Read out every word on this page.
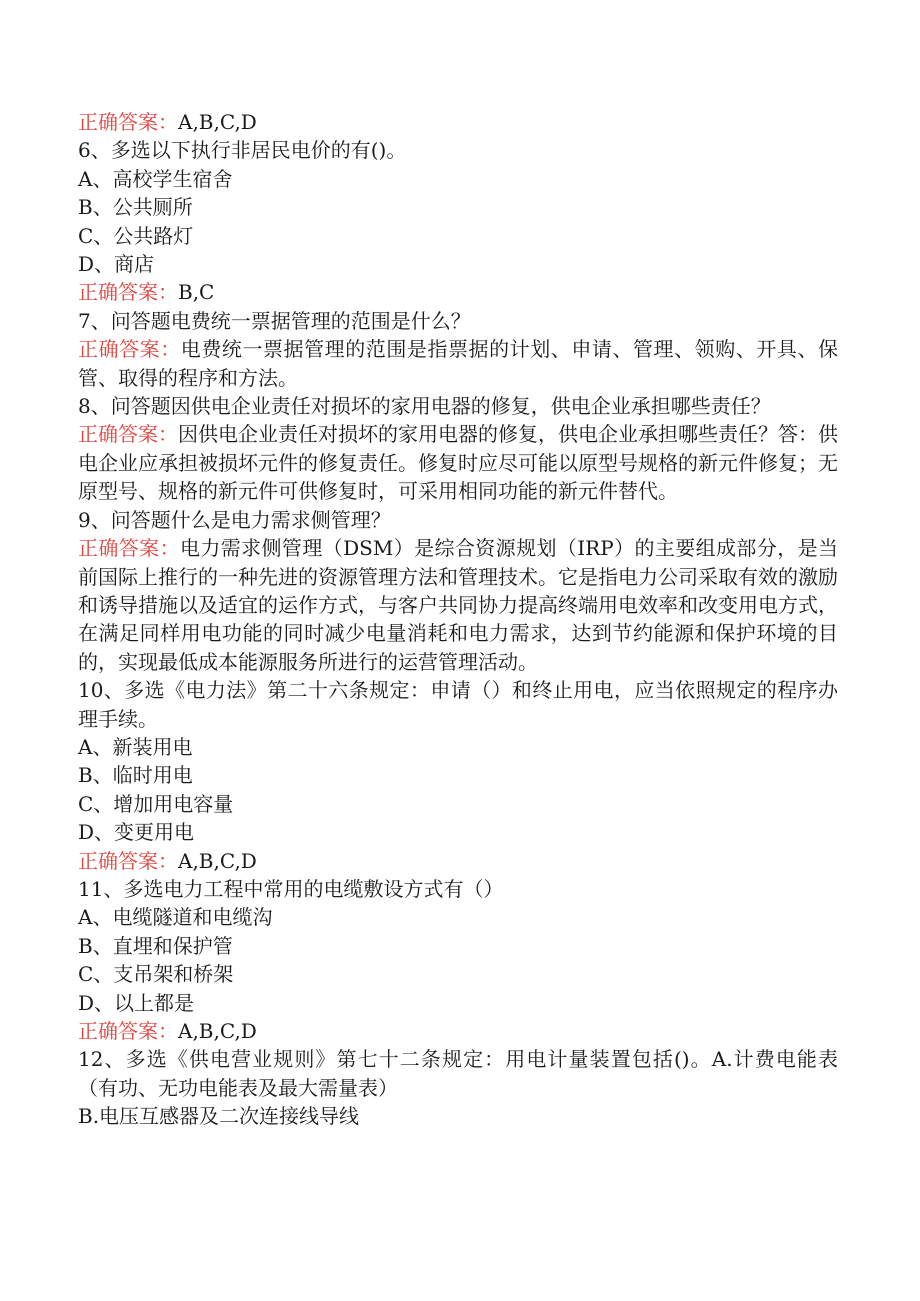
正确答案：A,B,C,D
6、多选以下执行非居民电价的有()。
A、高校学生宿舍
B、公共厕所
C、公共路灯
D、商店
正确答案：B,C
7、问答题电费统一票据管理的范围是什么？
正确答案：电费统一票据管理的范围是指票据的计划、申请、管理、领购、开具、保管、取得的程序和方法。
8、问答题因供电企业责任对损坏的家用电器的修复，供电企业承担哪些责任？
正确答案：因供电企业责任对损坏的家用电器的修复，供电企业承担哪些责任？答：供电企业应承担被损坏元件的修复责任。修复时应尽可能以原型号规格的新元件修复；无原型号、规格的新元件可供修复时，可采用相同功能的新元件替代。
9、问答题什么是电力需求侧管理？
正确答案：电力需求侧管理（DSM）是综合资源规划（IRP）的主要组成部分，是当前国际上推行的一种先进的资源管理方法和管理技术。它是指电力公司采取有效的激励和诱导措施以及适宜的运作方式，与客户共同协力提高终端用电效率和改变用电方式，在满足同样用电功能的同时减少电量消耗和电力需求，达到节约能源和保护环境的目的，实现最低成本能源服务所进行的运营管理活动。
10、多选《电力法》第二十六条规定：申请（）和终止用电，应当依照规定的程序办理手续。
A、新装用电
B、临时用电
C、增加用电容量
D、变更用电
正确答案：A,B,C,D
11、多选电力工程中常用的电缆敷设方式有（）
A、电缆隧道和电缆沟
B、直埋和保护管
C、支吊架和桥架
D、以上都是
正确答案：A,B,C,D
12、多选《供电营业规则》第七十二条规定：用电计量装置包括()。A.计费电能表（有功、无功电能表及最大需量表）
B.电压互感器及二次连接线导线
